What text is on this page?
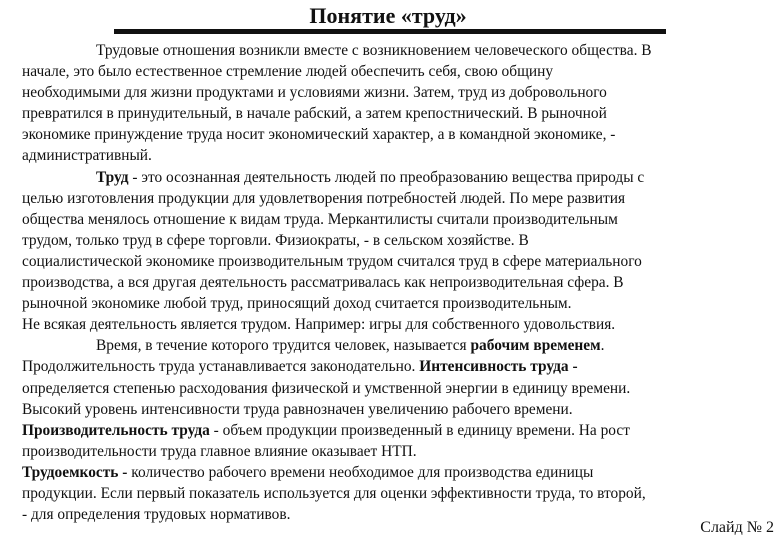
Понятие «труд»
Трудовые отношения возникли вместе с возникновением человеческого общества. В
начале, это было естественное стремление людей обеспечить себя, свою общину
необходимыми для жизни продуктами и условиями жизни. Затем, труд из добровольного
превратился в принудительный, в начале рабский, а затем крепостнический. В рыночной
экономике принуждение труда носит экономический характер, а в командной экономике, -
административный.
Труд - это осознанная деятельность людей по преобразованию вещества природы с
целью изготовления продукции для удовлетворения потребностей людей. По мере развития
общества менялось отношение к видам труда. Меркантилисты считали производительным
трудом, только труд в сфере торговли. Физиократы, - в сельском хозяйстве. В
социалистической экономике производительным трудом считался труд в сфере материального
производства, а вся другая деятельность рассматривалась как непроизводительная сфера. В
рыночной экономике любой труд, приносящий доход считается производительным.
Не всякая деятельность является трудом. Например: игры для собственного удовольствия.
Время, в течение которого трудится человек, называется рабочим временем.
Продолжительность труда устанавливается законодательно. Интенсивность труда -
определяется степенью расходования физической и умственной энергии в единицу времени.
Высокий уровень интенсивности труда равнозначен увеличению рабочего времени.
Производительность труда - объем продукции произведенный в единицу времени. На рост
производительности труда главное влияние оказывает НТП.
Трудоемкость - количество рабочего времени необходимое для производства единицы
продукции. Если первый показатель используется для оценки эффективности труда, то второй,
- для определения трудовых нормативов.
Слайд № 2
